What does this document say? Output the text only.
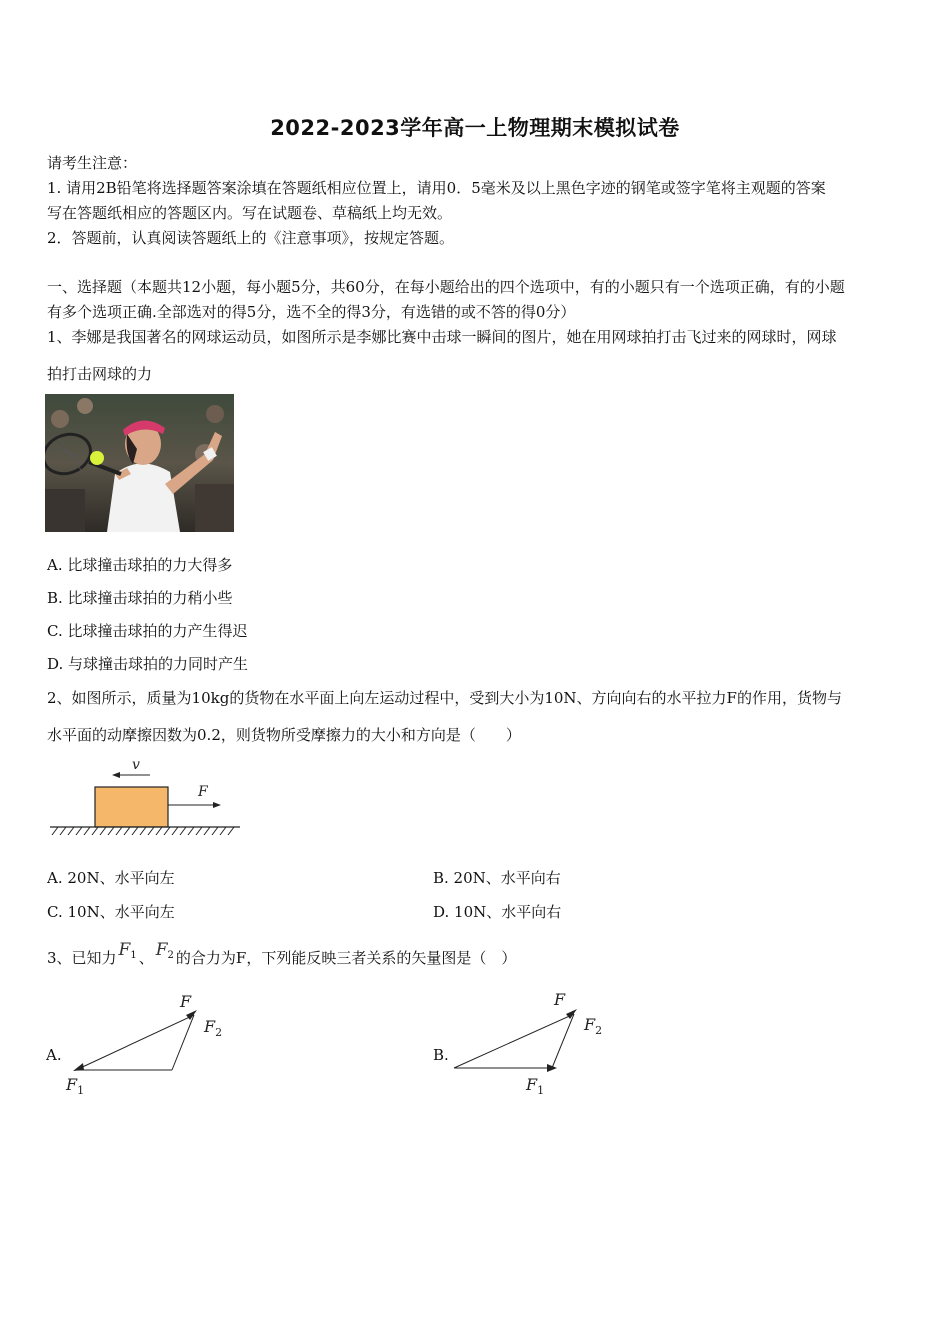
2022-2023学年高一上物理期末模拟试卷
请考生注意：
1. 请用2B铅笔将选择题答案涂填在答题纸相应位置上，请用0．5毫米及以上黑色字迹的钢笔或签字笔将主观题的答案
写在答题纸相应的答题区内。写在试题卷、草稿纸上均无效。
2．答题前，认真阅读答题纸上的《注意事项》，按规定答题。
一、选择题（本题共12小题，每小题5分，共60分，在每小题给出的四个选项中，有的小题只有一个选项正确，有的小题
有多个选项正确.全部选对的得5分，选不全的得3分，有选错的或不答的得0分）
1、李娜是我国著名的网球运动员，如图所示是李娜比赛中击球一瞬间的图片，她在用网球拍打击飞过来的网球时，网球
拍打击网球的力
A. 比球撞击球拍的力大得多
B. 比球撞击球拍的力稍小些
C. 比球撞击球拍的力产生得迟
D. 与球撞击球拍的力同时产生
2、如图所示，质量为10kg的货物在水平面上向左运动过程中，受到大小为10N、方向向右的水平拉力F的作用，货物与
水平面的动摩擦因数为0.2，则货物所受摩擦力的大小和方向是（　　）
v
F
A. 20N、水平向左	B. 20N、水平向右
C. 10N、水平向左	D. 10N、水平向右
3、已知力 $F_1$ 、 $F_2$ 的合力为F，下列能反映三者关系的矢量图是（　）
A.
F
$F_2$
$F_1$
B.
F
$F_2$
$F_1$
